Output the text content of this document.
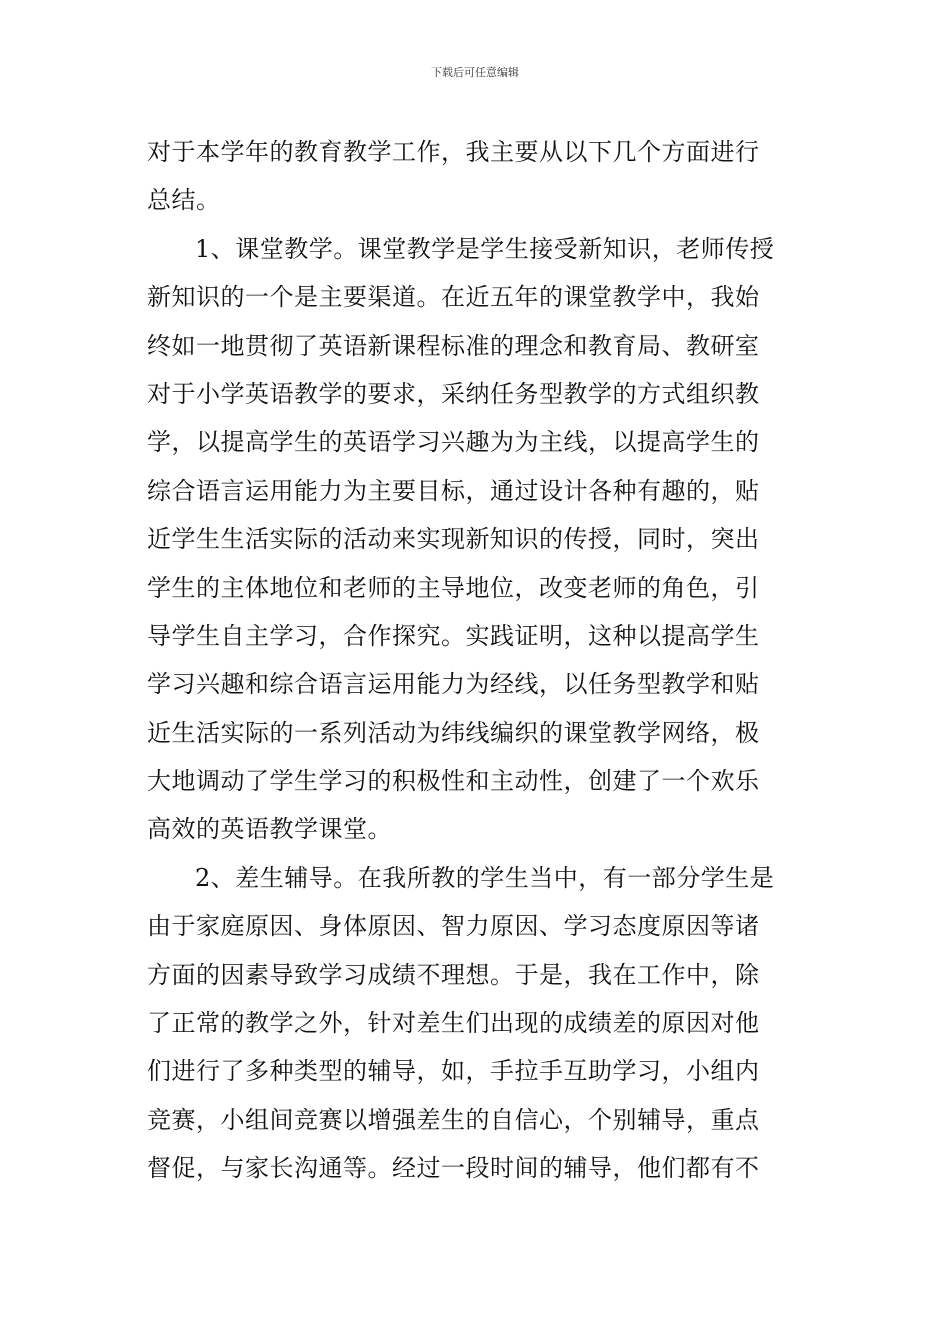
下载后可任意编辑
对于本学年的教育教学工作，我主要从以下几个方面进行
总结。
1、课堂教学。课堂教学是学生接受新知识，老师传授
新知识的一个是主要渠道。在近五年的课堂教学中，我始
终如一地贯彻了英语新课程标准的理念和教育局、教研室
对于小学英语教学的要求，采纳任务型教学的方式组织教
学，以提高学生的英语学习兴趣为为主线，以提高学生的
综合语言运用能力为主要目标，通过设计各种有趣的，贴
近学生生活实际的活动来实现新知识的传授，同时，突出
学生的主体地位和老师的主导地位，改变老师的角色，引
导学生自主学习，合作探究。实践证明，这种以提高学生
学习兴趣和综合语言运用能力为经线，以任务型教学和贴
近生活实际的一系列活动为纬线编织的课堂教学网络，极
大地调动了学生学习的积极性和主动性，创建了一个欢乐
高效的英语教学课堂。
2、差生辅导。在我所教的学生当中，有一部分学生是
由于家庭原因、身体原因、智力原因、学习态度原因等诸
方面的因素导致学习成绩不理想。于是，我在工作中，除
了正常的教学之外，针对差生们出现的成绩差的原因对他
们进行了多种类型的辅导，如，手拉手互助学习，小组内
竞赛，小组间竞赛以增强差生的自信心，个别辅导，重点
督促，与家长沟通等。经过一段时间的辅导，他们都有不
